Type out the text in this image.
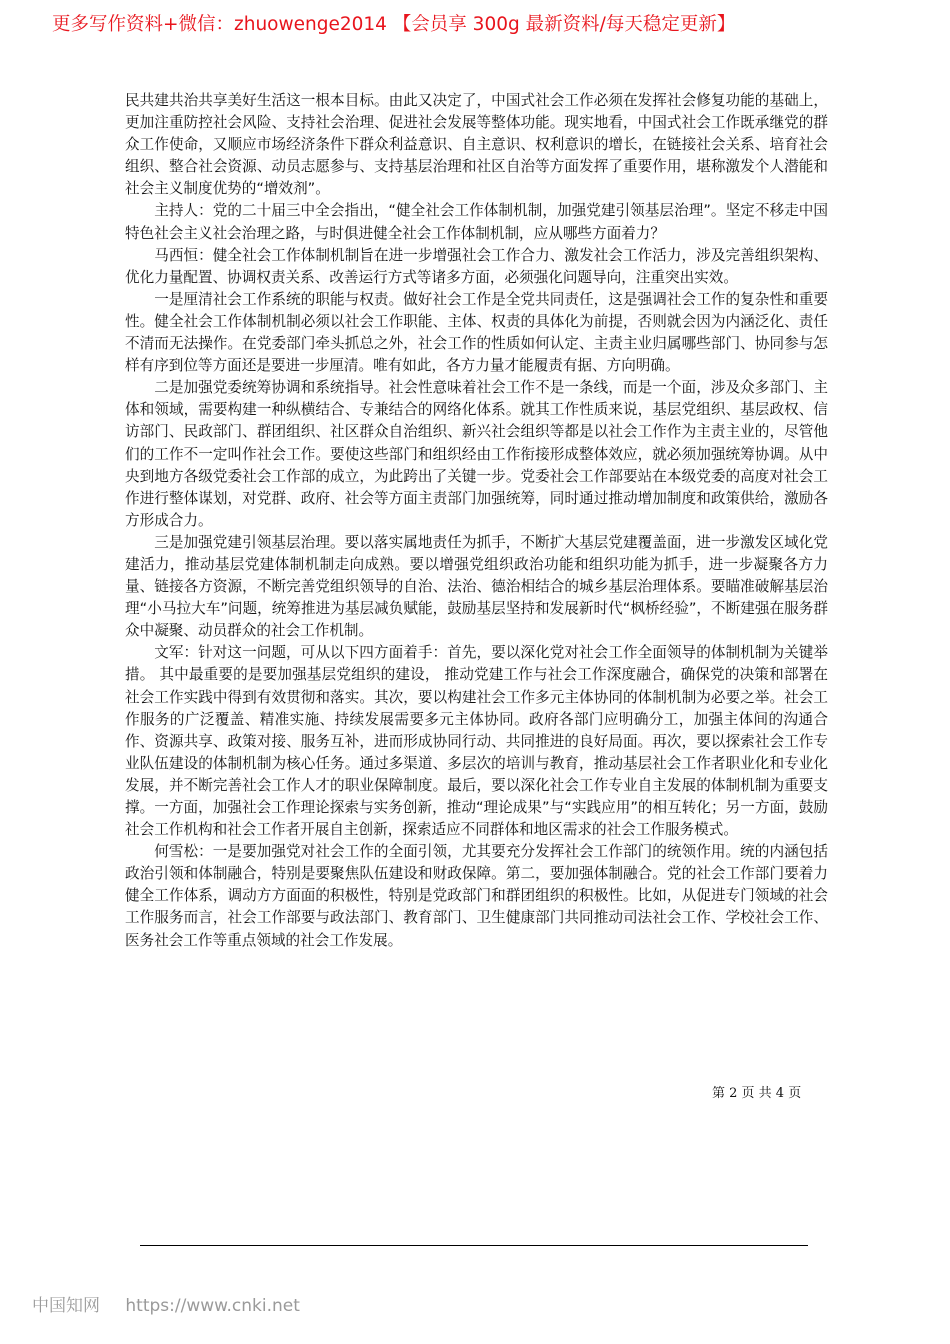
更多写作资料+微信：zhuowenge2014 【会员享 300g 最新资料/每天稳定更新】

民共建共治共享美好生活这一根本目标。由此又决定了，中国式社会工作必须在发挥社会修复功能的基础上，更加注重防控社会风险、支持社会治理、促进社会发展等整体功能。现实地看，中国式社会工作既承继党的群众工作使命，又顺应市场经济条件下群众利益意识、自主意识、权利意识的增长，在链接社会关系、培育社会组织、整合社会资源、动员志愿参与、支持基层治理和社区自治等方面发挥了重要作用，堪称激发个人潜能和社会主义制度优势的“增效剂”。

主持人：党的二十届三中全会指出，“健全社会工作体制机制，加强党建引领基层治理”。坚定不移走中国特色社会主义社会治理之路，与时俱进健全社会工作体制机制，应从哪些方面着力？

马西恒：健全社会工作体制机制旨在进一步增强社会工作合力、激发社会工作活力，涉及完善组织架构、优化力量配置、协调权责关系、改善运行方式等诸多方面，必须强化问题导向，注重突出实效。

一是厘清社会工作系统的职能与权责。做好社会工作是全党共同责任，这是强调社会工作的复杂性和重要性。健全社会工作体制机制必须以社会工作职能、主体、权责的具体化为前提，否则就会因为内涵泛化、责任不清而无法操作。在党委部门牵头抓总之外，社会工作的性质如何认定、主责主业归属哪些部门、协同参与怎样有序到位等方面还是要进一步厘清。唯有如此，各方力量才能履责有据、方向明确。

二是加强党委统筹协调和系统指导。社会性意味着社会工作不是一条线，而是一个面，涉及众多部门、主体和领域，需要构建一种纵横结合、专兼结合的网络化体系。就其工作性质来说，基层党组织、基层政权、信访部门、民政部门、群团组织、社区群众自治组织、新兴社会组织等都是以社会工作作为主责主业的，尽管他们的工作不一定叫作社会工作。要使这些部门和组织经由工作衔接形成整体效应，就必须加强统筹协调。从中央到地方各级党委社会工作部的成立，为此跨出了关键一步。党委社会工作部要站在本级党委的高度对社会工作进行整体谋划，对党群、政府、社会等方面主责部门加强统筹，同时通过推动增加制度和政策供给，激励各方形成合力。

三是加强党建引领基层治理。要以落实属地责任为抓手，不断扩大基层党建覆盖面，进一步激发区域化党建活力，推动基层党建体制机制走向成熟。要以增强党组织政治功能和组织功能为抓手，进一步凝聚各方力量、链接各方资源，不断完善党组织领导的自治、法治、德治相结合的城乡基层治理体系。要瞄准破解基层治理“小马拉大车”问题，统筹推进为基层减负赋能，鼓励基层坚持和发展新时代“枫桥经验”，不断建强在服务群众中凝聚、动员群众的社会工作机制。

文军：针对这一问题，可从以下四方面着手：首先，要以深化党对社会工作全面领导的体制机制为关键举措。 其中最重要的是要加强基层党组织的建设， 推动党建工作与社会工作深度融合，确保党的决策和部署在社会工作实践中得到有效贯彻和落实。其次，要以构建社会工作多元主体协同的体制机制为必要之举。社会工作服务的广泛覆盖、精准实施、持续发展需要多元主体协同。政府各部门应明确分工，加强主体间的沟通合作、资源共享、政策对接、服务互补，进而形成协同行动、共同推进的良好局面。再次，要以探索社会工作专业队伍建设的体制机制为核心任务。通过多渠道、多层次的培训与教育，推动基层社会工作者职业化和专业化发展，并不断完善社会工作人才的职业保障制度。最后，要以深化社会工作专业自主发展的体制机制为重要支撑。一方面，加强社会工作理论探索与实务创新，推动“理论成果”与“实践应用”的相互转化；另一方面，鼓励社会工作机构和社会工作者开展自主创新，探索适应不同群体和地区需求的社会工作服务模式。

何雪松：一是要加强党对社会工作的全面引领，尤其要充分发挥社会工作部门的统领作用。统的内涵包括政治引领和体制融合，特别是要聚焦队伍建设和财政保障。第二，要加强体制融合。党的社会工作部门要着力健全工作体系，调动方方面面的积极性，特别是党政部门和群团组织的积极性。比如，从促进专门领域的社会工作服务而言，社会工作部要与政法部门、教育部门、卫生健康部门共同推动司法社会工作、学校社会工作、医务社会工作等重点领域的社会工作发展。

第 2 页 共 4 页
中国知网 https://www.cnki.net
